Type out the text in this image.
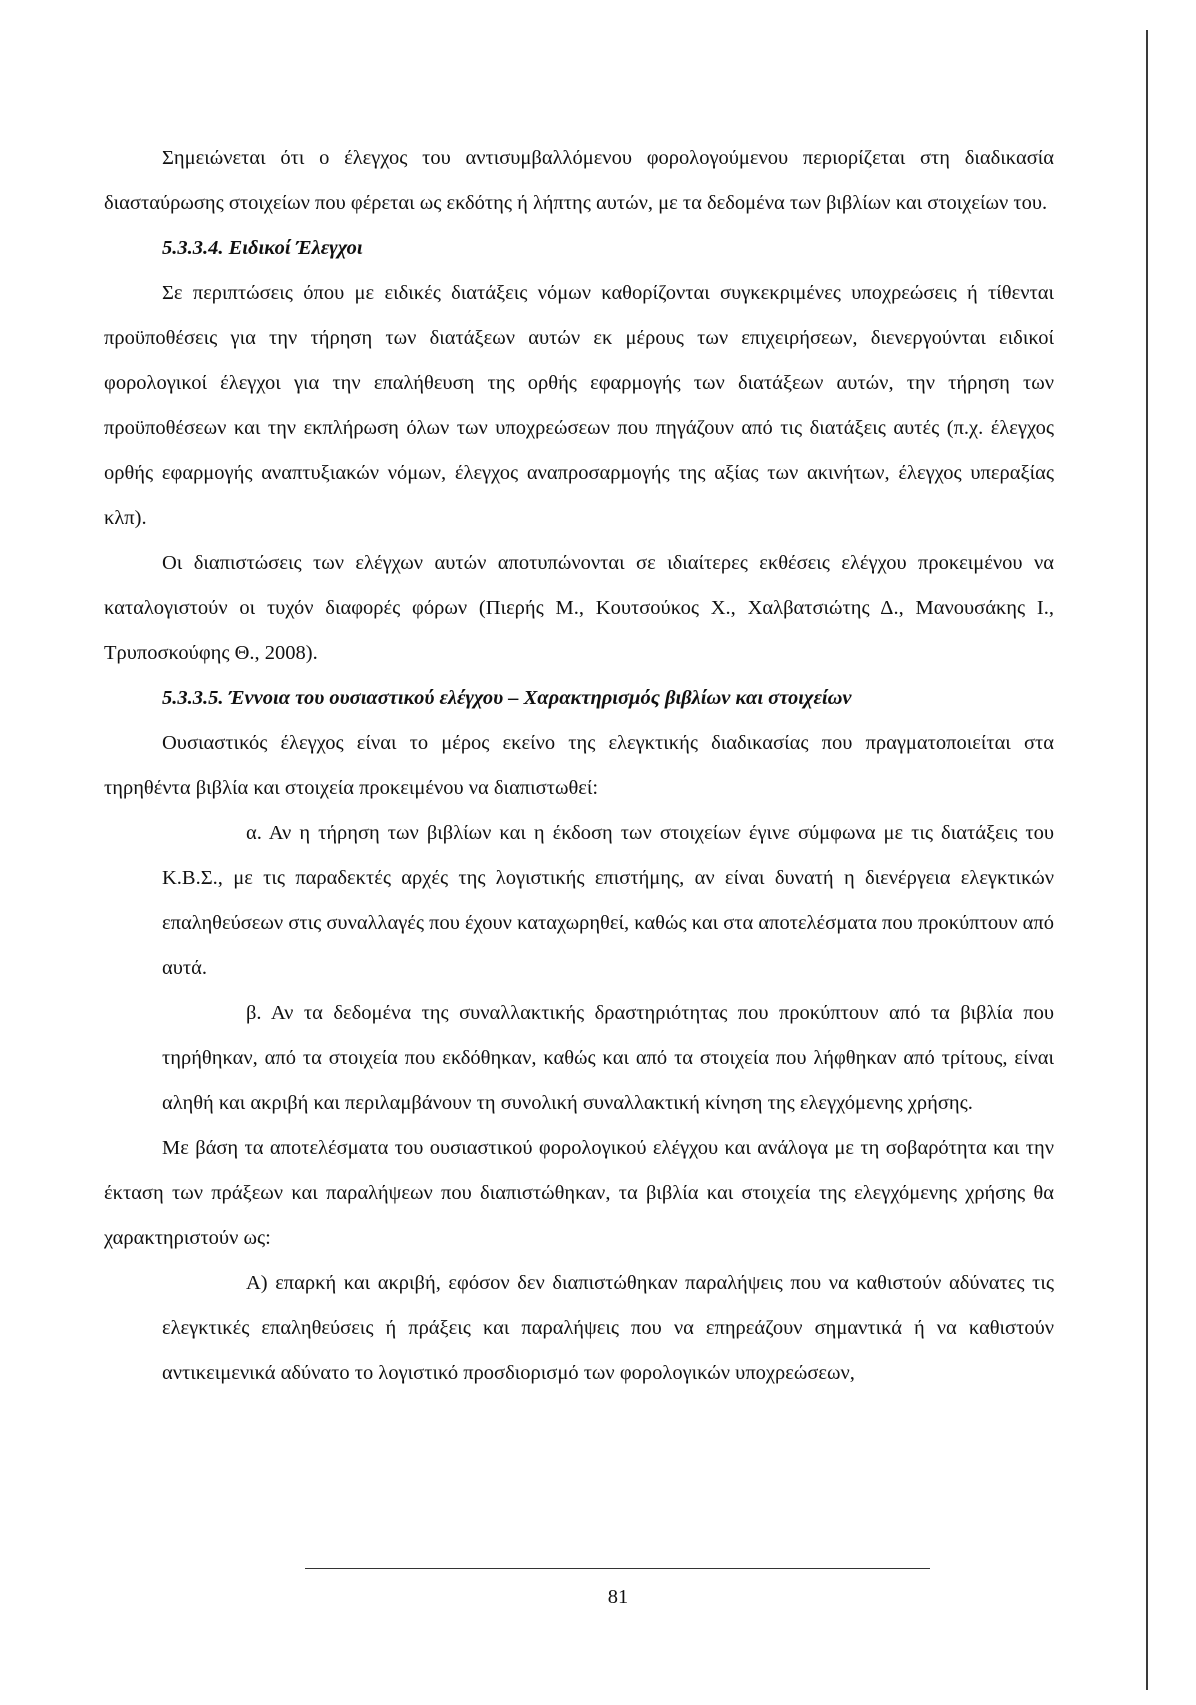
Σημειώνεται ότι ο έλεγχος του αντισυμβαλλόμενου φορολογούμενου περιορίζεται στη διαδικασία διασταύρωσης στοιχείων που φέρεται ως εκδότης ή λήπτης αυτών, με τα δεδομένα των βιβλίων και στοιχείων του.

5.3.3.4. Ειδικοί Έλεγχοι

Σε περιπτώσεις όπου με ειδικές διατάξεις νόμων καθορίζονται συγκεκριμένες υποχρεώσεις ή τίθενται προϋποθέσεις για την τήρηση των διατάξεων αυτών εκ μέρους των επιχειρήσεων, διενεργούνται ειδικοί φορολογικοί έλεγχοι για την επαλήθευση της ορθής εφαρμογής των διατάξεων αυτών, την τήρηση των προϋποθέσεων και την εκπλήρωση όλων των υποχρεώσεων που πηγάζουν από τις διατάξεις αυτές (π.χ. έλεγχος ορθής εφαρμογής αναπτυξιακών νόμων, έλεγχος αναπροσαρμογής της αξίας των ακινήτων, έλεγχος υπεραξίας κλπ).

Οι διαπιστώσεις των ελέγχων αυτών αποτυπώνονται σε ιδιαίτερες εκθέσεις ελέγχου προκειμένου να καταλογιστούν οι τυχόν διαφορές φόρων (Πιερής Μ., Κουτσούκος Χ., Χαλβατσιώτης Δ., Μανουσάκης Ι., Τρυποσκούφης Θ., 2008).

5.3.3.5. Έννοια του ουσιαστικού ελέγχου – Χαρακτηρισμός βιβλίων και στοιχείων

Ουσιαστικός έλεγχος είναι το μέρος εκείνο της ελεγκτικής διαδικασίας που πραγματοποιείται στα τηρηθέντα βιβλία και στοιχεία προκειμένου να διαπιστωθεί:

α. Αν η τήρηση των βιβλίων και η έκδοση των στοιχείων έγινε σύμφωνα με τις διατάξεις του Κ.Β.Σ., με τις παραδεκτές αρχές της λογιστικής επιστήμης, αν είναι δυνατή η διενέργεια ελεγκτικών επαληθεύσεων στις συναλλαγές που έχουν καταχωρηθεί, καθώς και στα αποτελέσματα που προκύπτουν από αυτά.

β. Αν τα δεδομένα της συναλλακτικής δραστηριότητας που προκύπτουν από τα βιβλία που τηρήθηκαν, από τα στοιχεία που εκδόθηκαν, καθώς και από τα στοιχεία που λήφθηκαν από τρίτους, είναι αληθή και ακριβή και περιλαμβάνουν τη συνολική συναλλακτική κίνηση της ελεγχόμενης χρήσης.

Με βάση τα αποτελέσματα του ουσιαστικού φορολογικού ελέγχου και ανάλογα με τη σοβαρότητα και την έκταση των πράξεων και παραλήψεων που διαπιστώθηκαν, τα βιβλία και στοιχεία της ελεγχόμενης χρήσης θα χαρακτηριστούν ως:

Α) επαρκή και ακριβή, εφόσον δεν διαπιστώθηκαν παραλήψεις που να καθιστούν αδύνατες τις ελεγκτικές επαληθεύσεις ή πράξεις και παραλήψεις που να επηρεάζουν σημαντικά ή να καθιστούν αντικειμενικά αδύνατο το λογιστικό προσδιορισμό των φορολογικών υποχρεώσεων,

81
